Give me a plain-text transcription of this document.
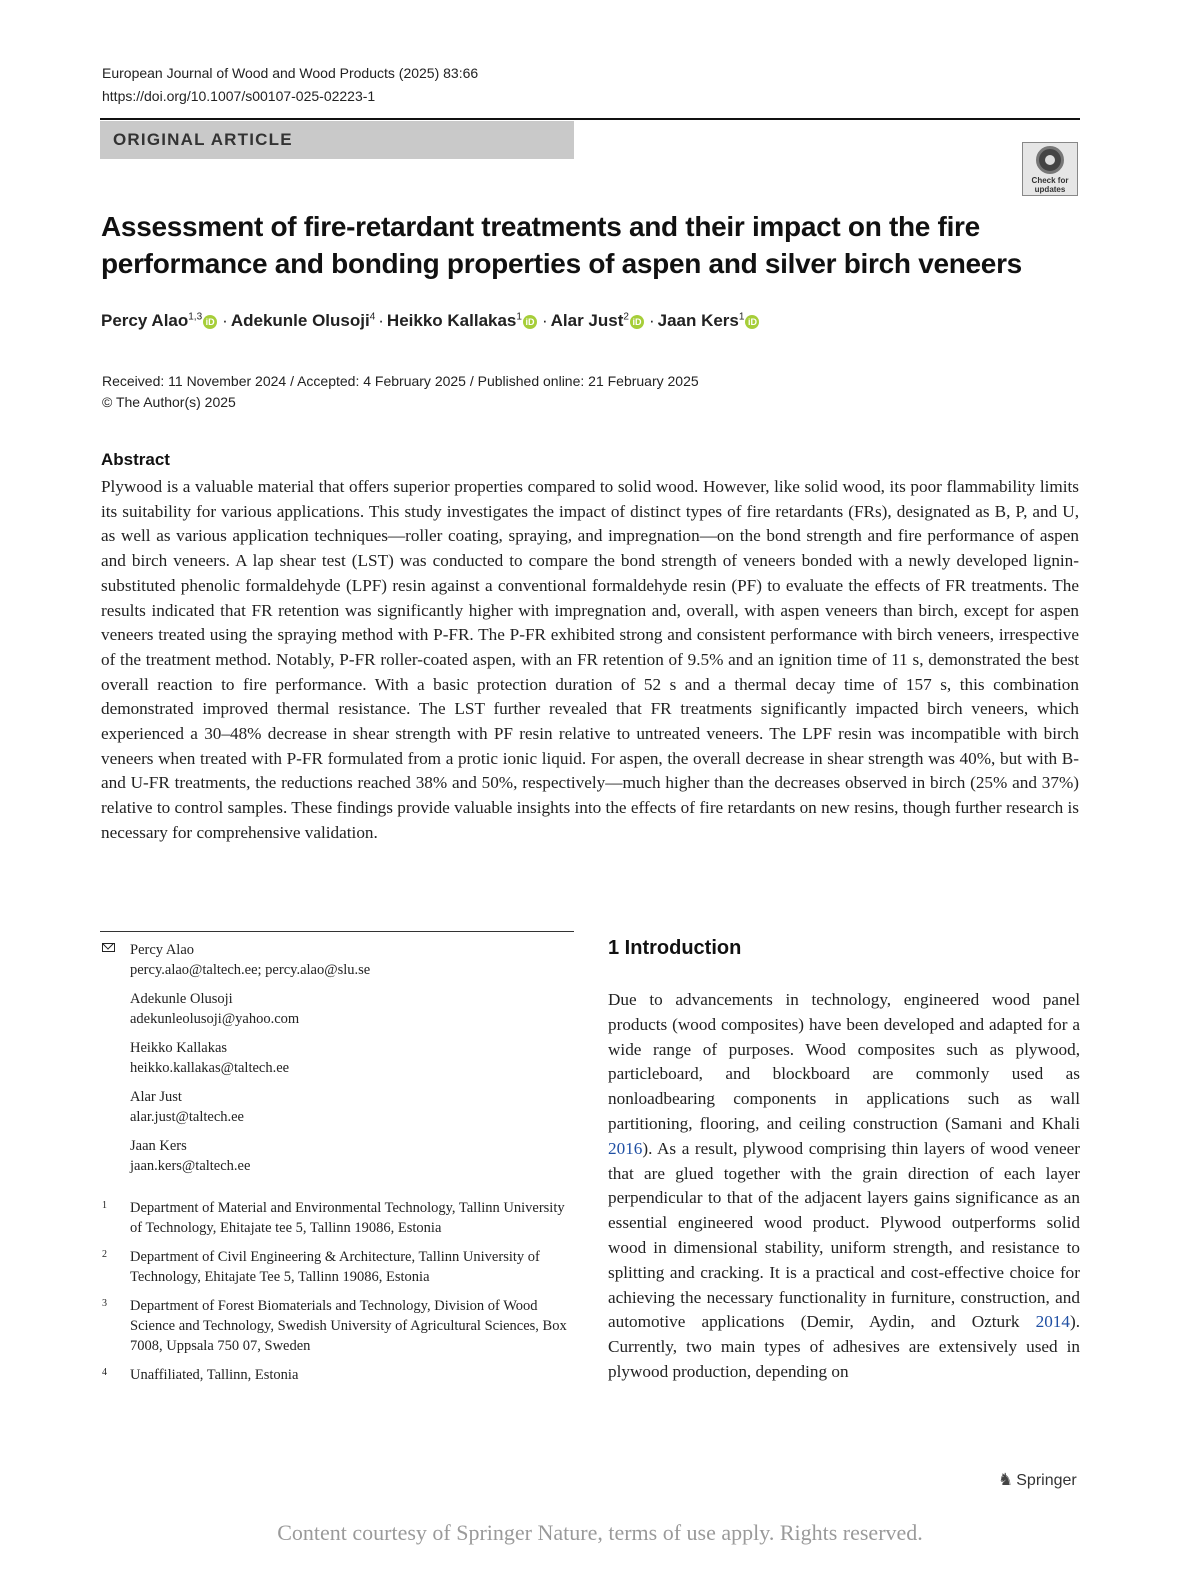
European Journal of Wood and Wood Products (2025) 83:66
https://doi.org/10.1007/s00107-025-02223-1
ORIGINAL ARTICLE
Check for updates
Assessment of fire-retardant treatments and their impact on the fire performance and bonding properties of aspen and silver birch veneers
Percy Alao$^{1,3}$ iD · Adekunle Olusoji$^4$ · Heikko Kallakas$^1$ iD · Alar Just$^2$ iD · Jaan Kers$^1$ iD
Received: 11 November 2024 / Accepted: 4 February 2025 / Published online: 21 February 2025
© The Author(s) 2025
Abstract
Plywood is a valuable material that offers superior properties compared to solid wood. However, like solid wood, its poor flammability limits its suitability for various applications. This study investigates the impact of distinct types of fire retardants (FRs), designated as B, P, and U, as well as various application techniques—roller coating, spraying, and impregnation—on the bond strength and fire performance of aspen and birch veneers. A lap shear test (LST) was conducted to compare the bond strength of veneers bonded with a newly developed lignin-substituted phenolic formaldehyde (LPF) resin against a conventional formaldehyde resin (PF) to evaluate the effects of FR treatments. The results indicated that FR retention was significantly higher with impregnation and, overall, with aspen veneers than birch, except for aspen veneers treated using the spraying method with P-FR. The P-FR exhibited strong and consistent performance with birch veneers, irrespective of the treatment method. Notably, P-FR roller-coated aspen, with an FR retention of 9.5% and an ignition time of 11 s, demonstrated the best overall reaction to fire performance. With a basic protection duration of 52 s and a thermal decay time of 157 s, this combination demonstrated improved thermal resistance. The LST further revealed that FR treatments significantly impacted birch veneers, which experienced a 30–48% decrease in shear strength with PF resin relative to untreated veneers. The LPF resin was incompatible with birch veneers when treated with P-FR formulated from a protic ionic liquid. For aspen, the overall decrease in shear strength was 40%, but with B- and U-FR treatments, the reductions reached 38% and 50%, respectively—much higher than the decreases observed in birch (25% and 37%) relative to control samples. These findings provide valuable insights into the effects of fire retardants on new resins, though further research is necessary for comprehensive validation.
Percy Alao
percy.alao@taltech.ee; percy.alao@slu.se
Adekunle Olusoji
adekunleolusoji@yahoo.com
Heikko Kallakas
heikko.kallakas@taltech.ee
Alar Just
alar.just@taltech.ee
Jaan Kers
jaan.kers@taltech.ee
1 Department of Material and Environmental Technology, Tallinn University of Technology, Ehitajate tee 5, Tallinn 19086, Estonia
2 Department of Civil Engineering & Architecture, Tallinn University of Technology, Ehitajate Tee 5, Tallinn 19086, Estonia
3 Department of Forest Biomaterials and Technology, Division of Wood Science and Technology, Swedish University of Agricultural Sciences, Box 7008, Uppsala 750 07, Sweden
4 Unaffiliated, Tallinn, Estonia
1 Introduction
Due to advancements in technology, engineered wood panel products (wood composites) have been developed and adapted for a wide range of purposes. Wood composites such as plywood, particleboard, and blockboard are commonly used as nonloadbearing components in applications such as wall partitioning, flooring, and ceiling construction (Samani and Khali 2016). As a result, plywood comprising thin layers of wood veneer that are glued together with the grain direction of each layer perpendicular to that of the adjacent layers gains significance as an essential engineered wood product. Plywood outperforms solid wood in dimensional stability, uniform strength, and resistance to splitting and cracking. It is a practical and cost-effective choice for achieving the necessary functionality in furniture, construction, and automotive applications (Demir, Aydin, and Ozturk 2014). Currently, two main types of adhesives are extensively used in plywood production, depending on
♞ Springer
Content courtesy of Springer Nature, terms of use apply. Rights reserved.
